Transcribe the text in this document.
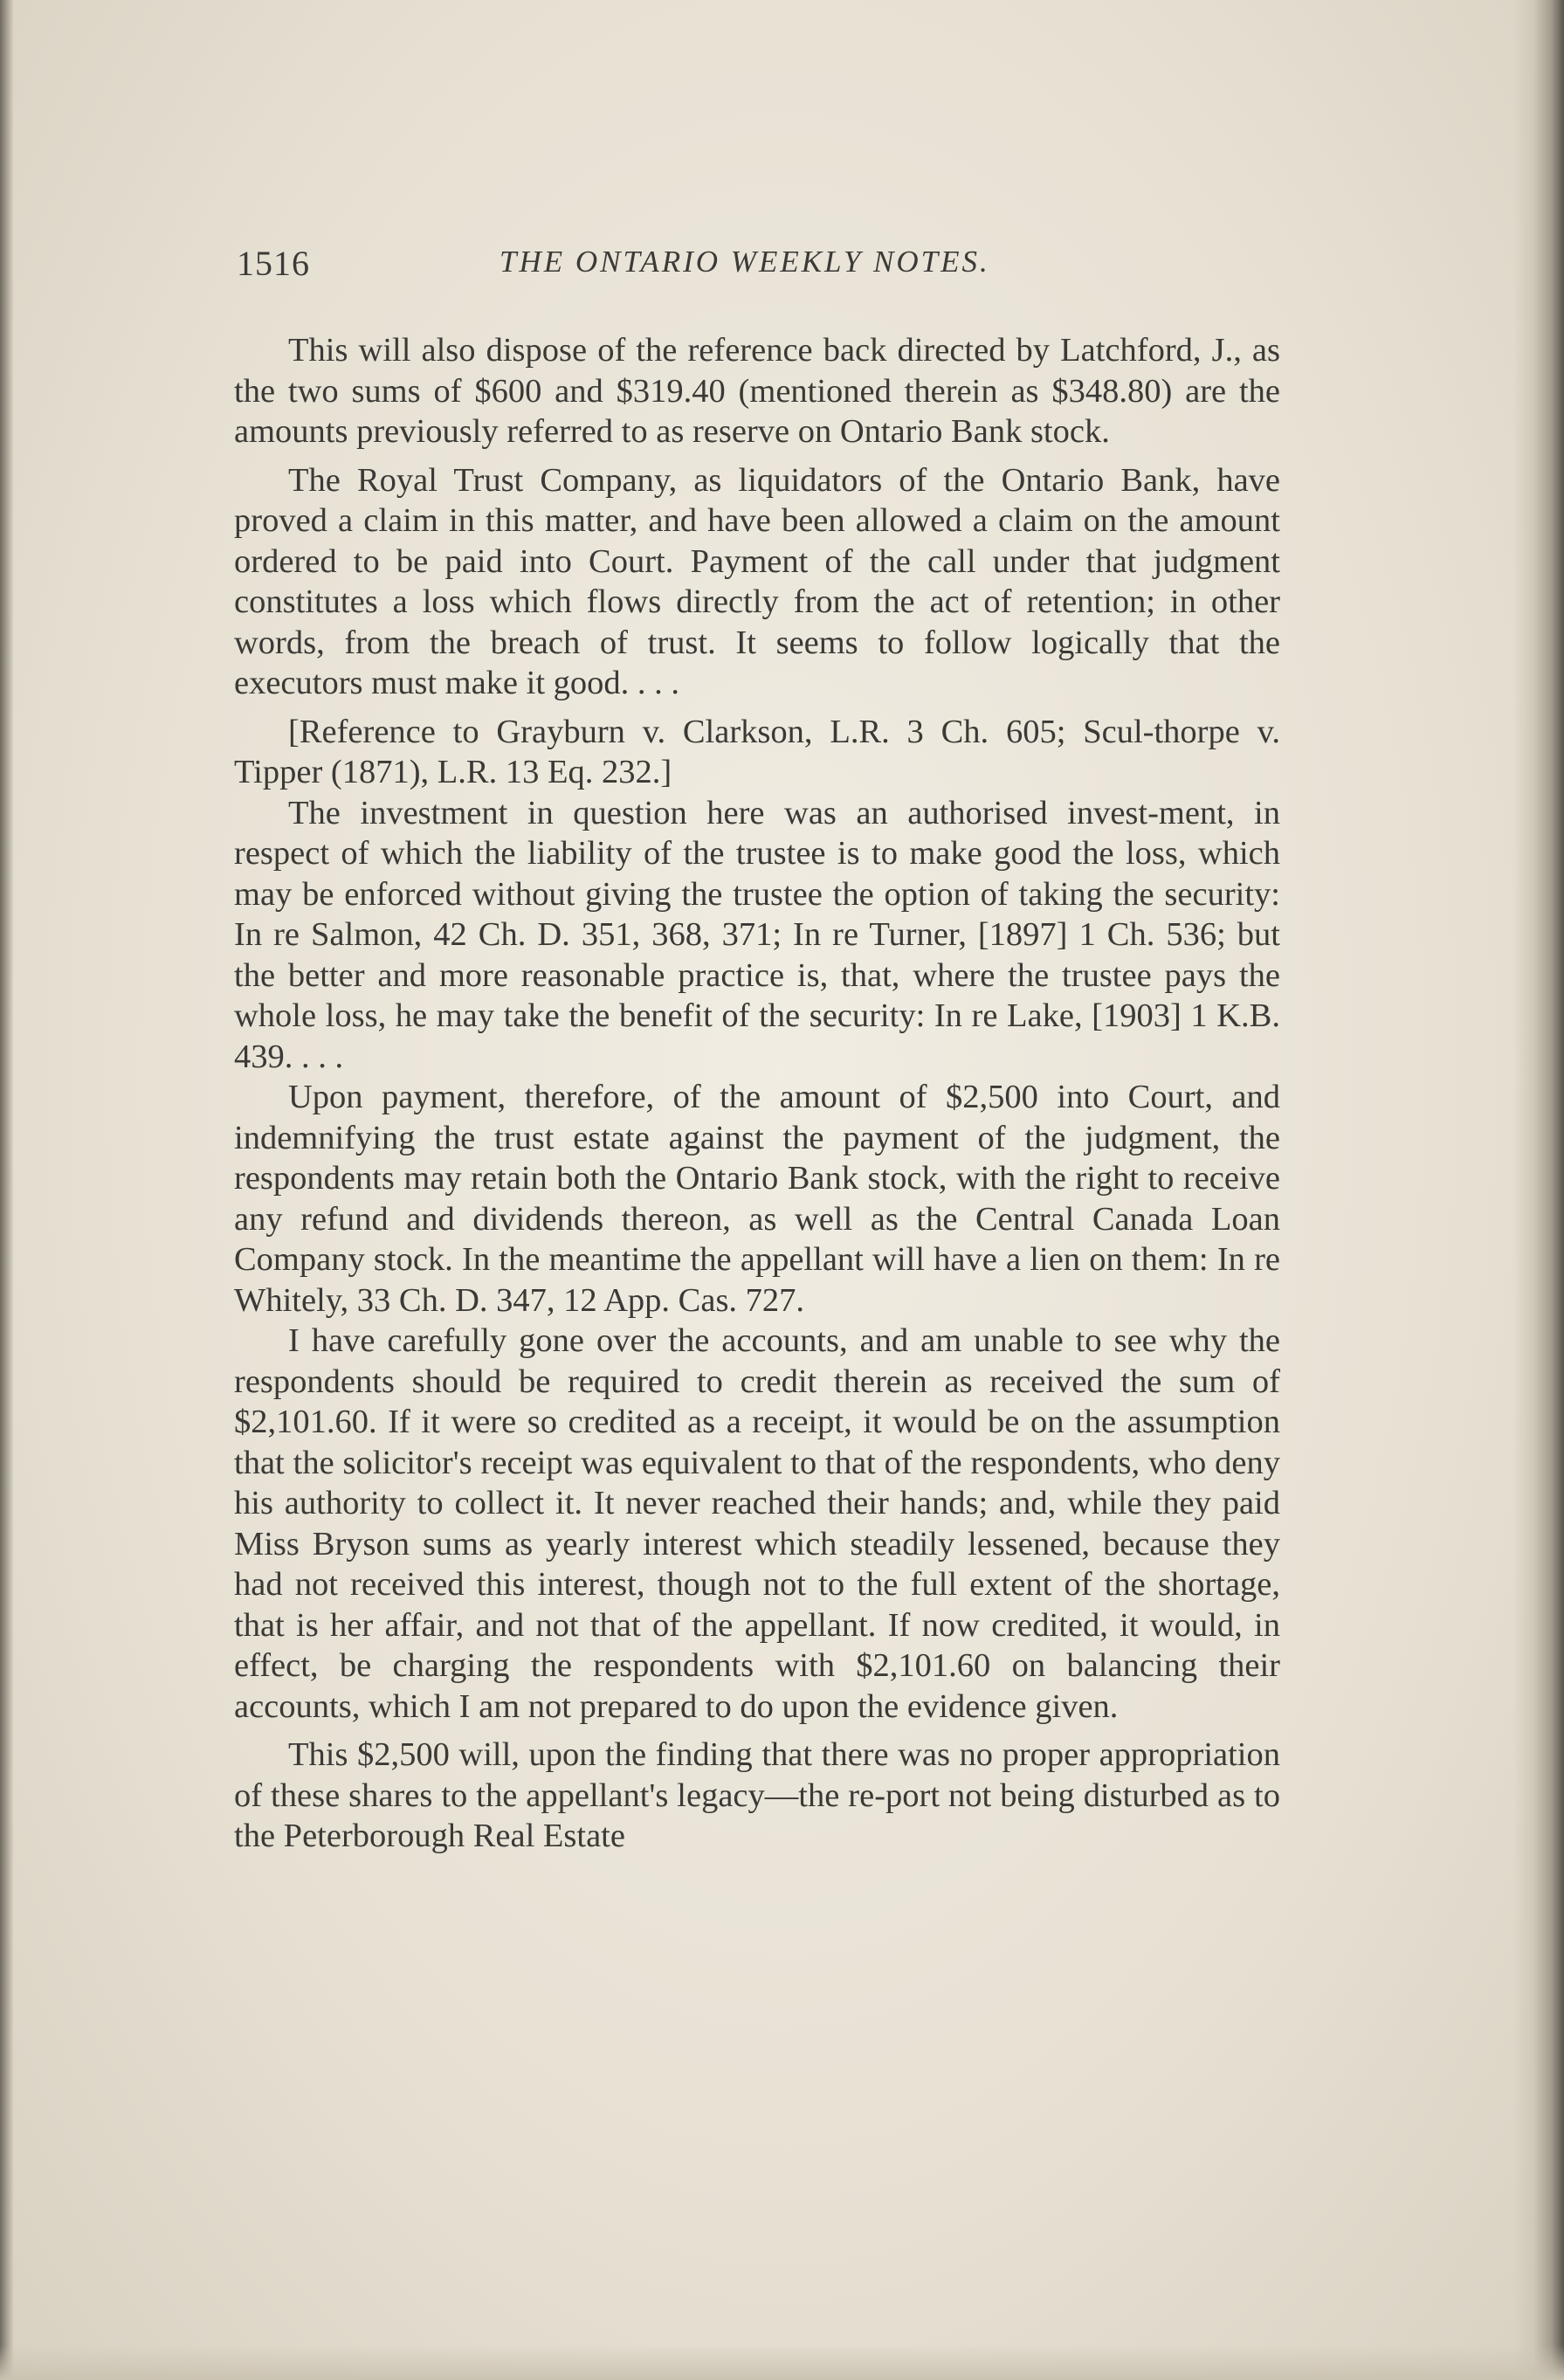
1516	THE ONTARIO WEEKLY NOTES.

This will also dispose of the reference back directed by Latchford, J., as the two sums of $600 and $319.40 (mentioned therein as $348.80) are the amounts previously referred to as reserve on Ontario Bank stock.

The Royal Trust Company, as liquidators of the Ontario Bank, have proved a claim in this matter, and have been allowed a claim on the amount ordered to be paid into Court. Payment of the call under that judgment constitutes a loss which flows directly from the act of retention; in other words, from the breach of trust. It seems to follow logically that the executors must make it good. . . .

[Reference to Grayburn v. Clarkson, L.R. 3 Ch. 605; Scul-thorpe v. Tipper (1871), L.R. 13 Eq. 232.]

The investment in question here was an authorised invest-ment, in respect of which the liability of the trustee is to make good the loss, which may be enforced without giving the trustee the option of taking the security: In re Salmon, 42 Ch. D. 351, 368, 371; In re Turner, [1897] 1 Ch. 536; but the better and more reasonable practice is, that, where the trustee pays the whole loss, he may take the benefit of the security: In re Lake, [1903] 1 K.B. 439. . . .

Upon payment, therefore, of the amount of $2,500 into Court, and indemnifying the trust estate against the payment of the judgment, the respondents may retain both the Ontario Bank stock, with the right to receive any refund and dividends thereon, as well as the Central Canada Loan Company stock. In the meantime the appellant will have a lien on them: In re Whitely, 33 Ch. D. 347, 12 App. Cas. 727.

I have carefully gone over the accounts, and am unable to see why the respondents should be required to credit therein as received the sum of $2,101.60. If it were so credited as a receipt, it would be on the assumption that the solicitor's receipt was equivalent to that of the respondents, who deny his authority to collect it. It never reached their hands; and, while they paid Miss Bryson sums as yearly interest which steadily lessened, because they had not received this interest, though not to the full extent of the shortage, that is her affair, and not that of the appellant. If now credited, it would, in effect, be charging the respondents with $2,101.60 on balancing their accounts, which I am not prepared to do upon the evidence given.

This $2,500 will, upon the finding that there was no proper appropriation of these shares to the appellant's legacy—the re-port not being disturbed as to the Peterborough Real Estate
